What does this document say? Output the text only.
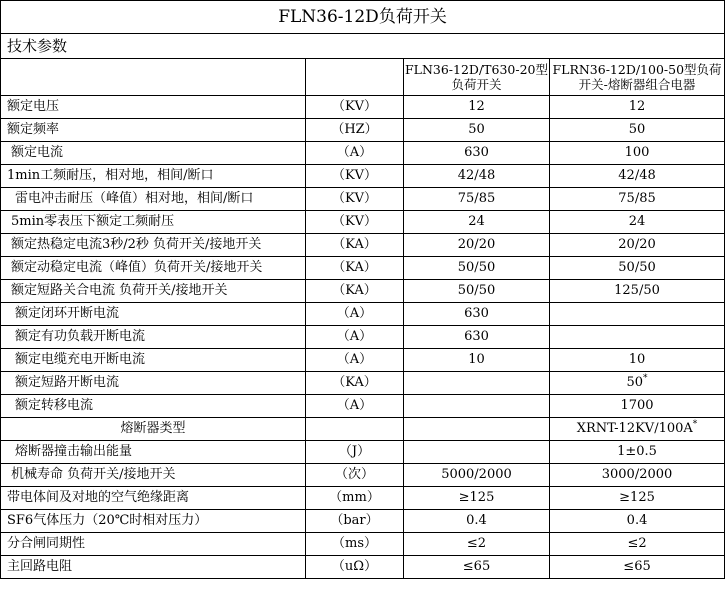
FLN36-12D负荷开关			
技术参数			
		FLN36-12D/T630-20型负荷开关	FLRN36-12D/100-50型负荷开关-熔断器组合电器
额定电压	（KV）	12	12
额定频率	（HZ）	50	50
额定电流	（A）	630	100
1min工频耐压，相对地，相间/断口	（KV）	42/48	42/48
雷电冲击耐压（峰值）相对地，相间/断口	（KV）	75/85	75/85
5min零表压下额定工频耐压	（KV）	24	24
额定热稳定电流3秒/2秒 负荷开关/接地开关	（KA）	20/20	20/20
额定动稳定电流（峰值）负荷开关/接地开关	（KA）	50/50	50/50
额定短路关合电流 负荷开关/接地开关	（KA）	50/50	125/50
额定闭环开断电流	（A）	630	
额定有功负载开断电流	（A）	630	
额定电缆充电开断电流	（A）	10	10
额定短路开断电流	（KA）		50*
额定转移电流	（A）		1700
熔断器类型			XRNT-12KV/100A*
熔断器撞击输出能量	（J）		1±0.5
机械寿命 负荷开关/接地开关	（次）	5000/2000	3000/2000
带电体间及对地的空气绝缘距离	（mm）	≥125	≥125
SF6气体压力（20℃时相对压力）	（bar）	0.4	0.4
分合闸同期性	（ms）	≤2	≤2
主回路电阻	（uΩ）	≤65	≤65
